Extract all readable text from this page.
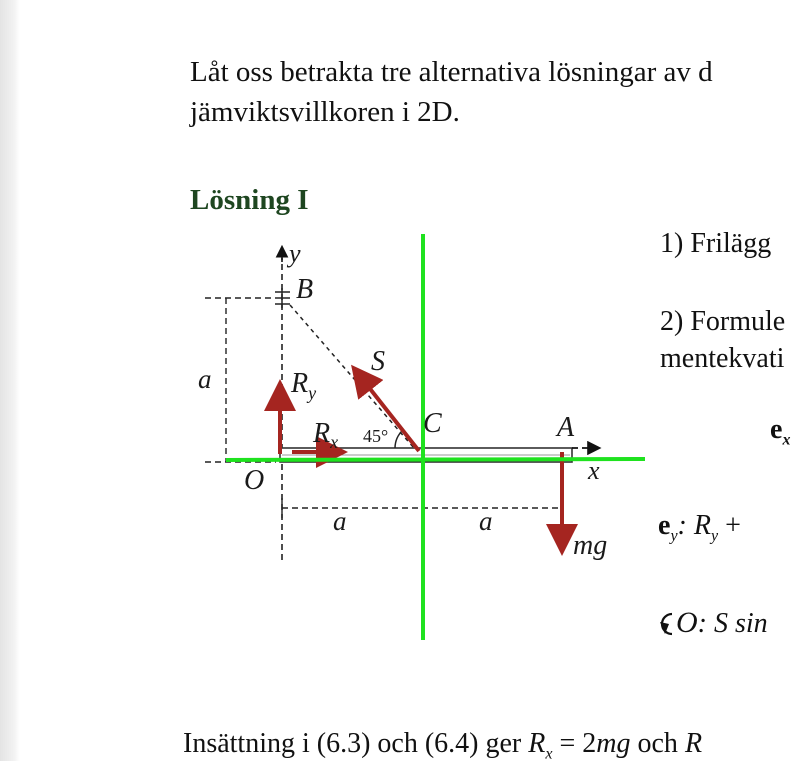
Låt oss betrakta tre alternativa lösningar av d
jämviktsvillkoren i 2D.
Lösning I
y
B
a
S
$R_y$
$R_x$ 45° C	A
O	x
a	a
mg
1) Frilägg
2) Formule
mentekvati
$e_x$
$e_y$: $R_y$ +
O: S sin
Insättning i (6.3) och (6.4) ger $R_x = 2mg$ och R
